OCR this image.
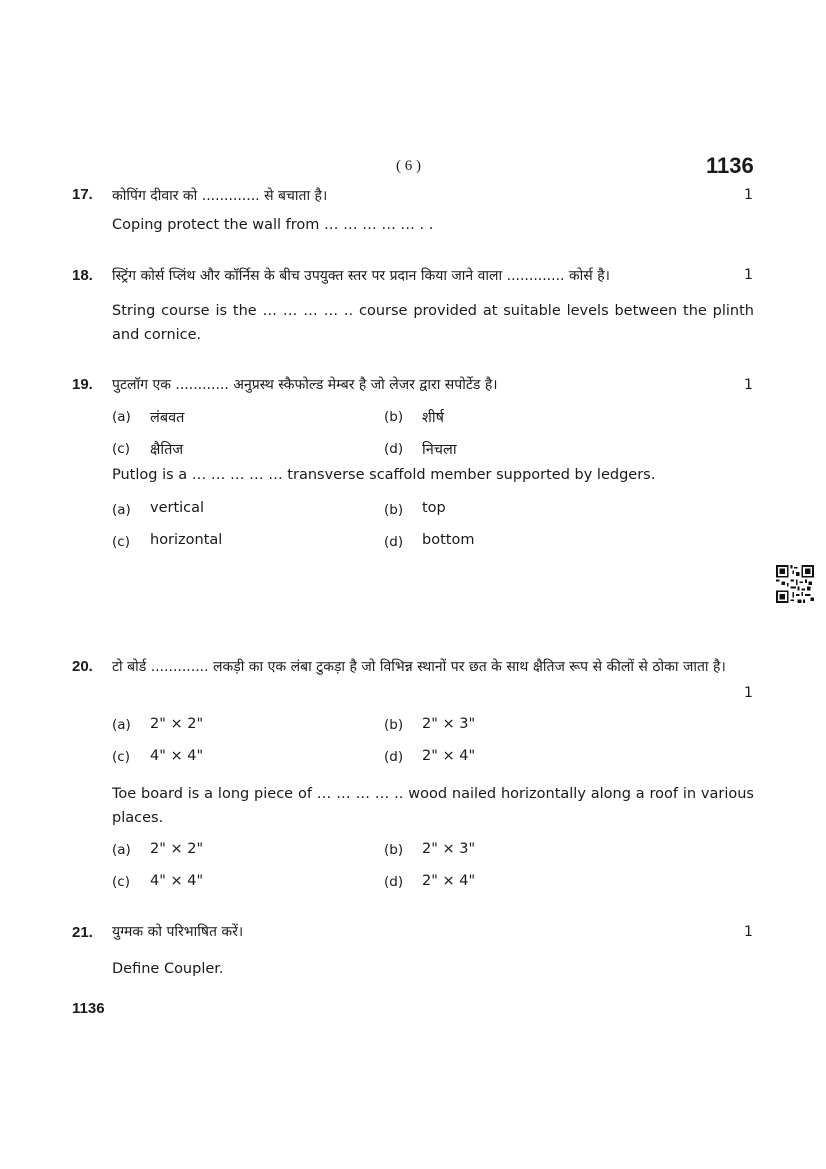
( 6 )	1136
17. कोपिंग दीवार को ............. से बचाता है।	1
Coping protect the wall from … … … … … . .
18. स्ट्रिंग कोर्स प्लिंथ और कॉर्निस के बीच उपयुक्त स्तर पर प्रदान किया जाने वाला ............. कोर्स है।	1
String course is the … … … … .. course provided at suitable levels between the plinth and cornice.
19. पुटलॉग एक ............ अनुप्रस्थ स्कैफोल्ड मेम्बर है जो लेजर द्वारा सपोर्टेड है।	1
(a) लंबवत	(b) शीर्ष
(c) क्षैतिज	(d) निचला
Putlog is a … … … … … transverse scaffold member supported by ledgers.
(a) vertical	(b) top
(c) horizontal	(d) bottom
20. टो बोर्ड ............. लकड़ी का एक लंबा टुकड़ा है जो विभिन्न स्थानों पर छत के साथ क्षैतिज रूप से कीलों से ठोका जाता है।
1
(a) 2" × 2"	(b) 2" × 3"
(c) 4" × 4"	(d) 2" × 4"
Toe board is a long piece of … … … … .. wood nailed horizontally along a roof in various places.
(a) 2" × 2"	(b) 2" × 3"
(c) 4" × 4"	(d) 2" × 4"
21. युग्मक को परिभाषित करें।	1
Define Coupler.
1136
